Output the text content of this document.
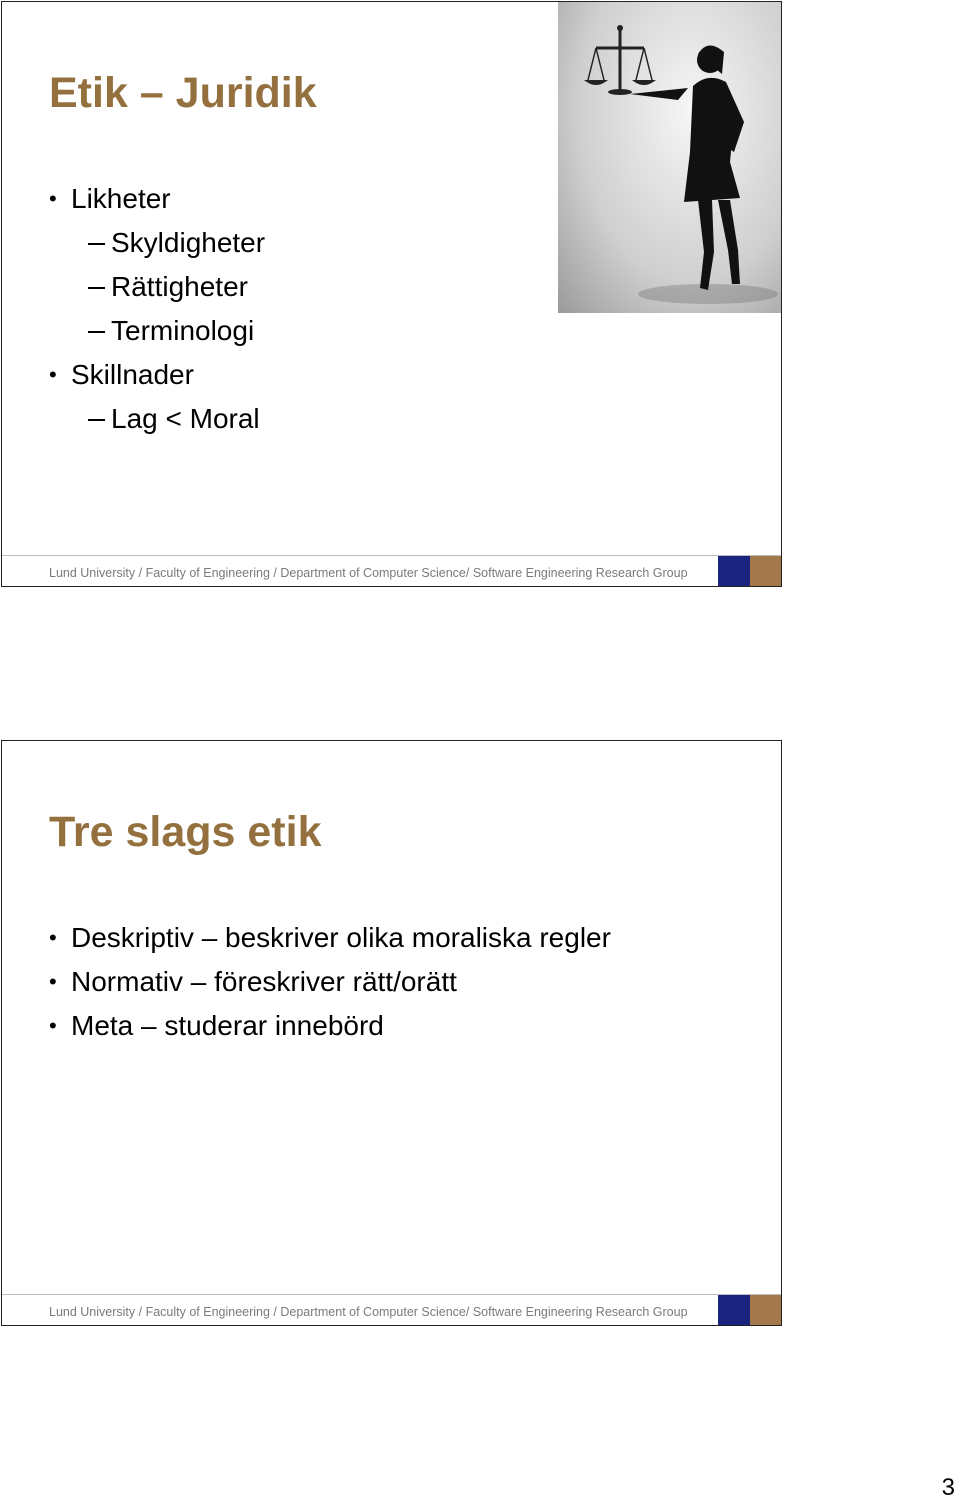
Etik – Juridik
• Likheter
Skyldigheter
Rättigheter
Terminologi
• Skillnader
Lag < Moral
Lund University / Faculty of Engineering / Department of Computer Science/ Software Engineering Research Group
Tre slags etik
• Deskriptiv – beskriver olika moraliska regler
• Normativ – föreskriver rätt/orätt
• Meta – studerar innebörd
Lund University / Faculty of Engineering / Department of Computer Science/ Software Engineering Research Group
3
